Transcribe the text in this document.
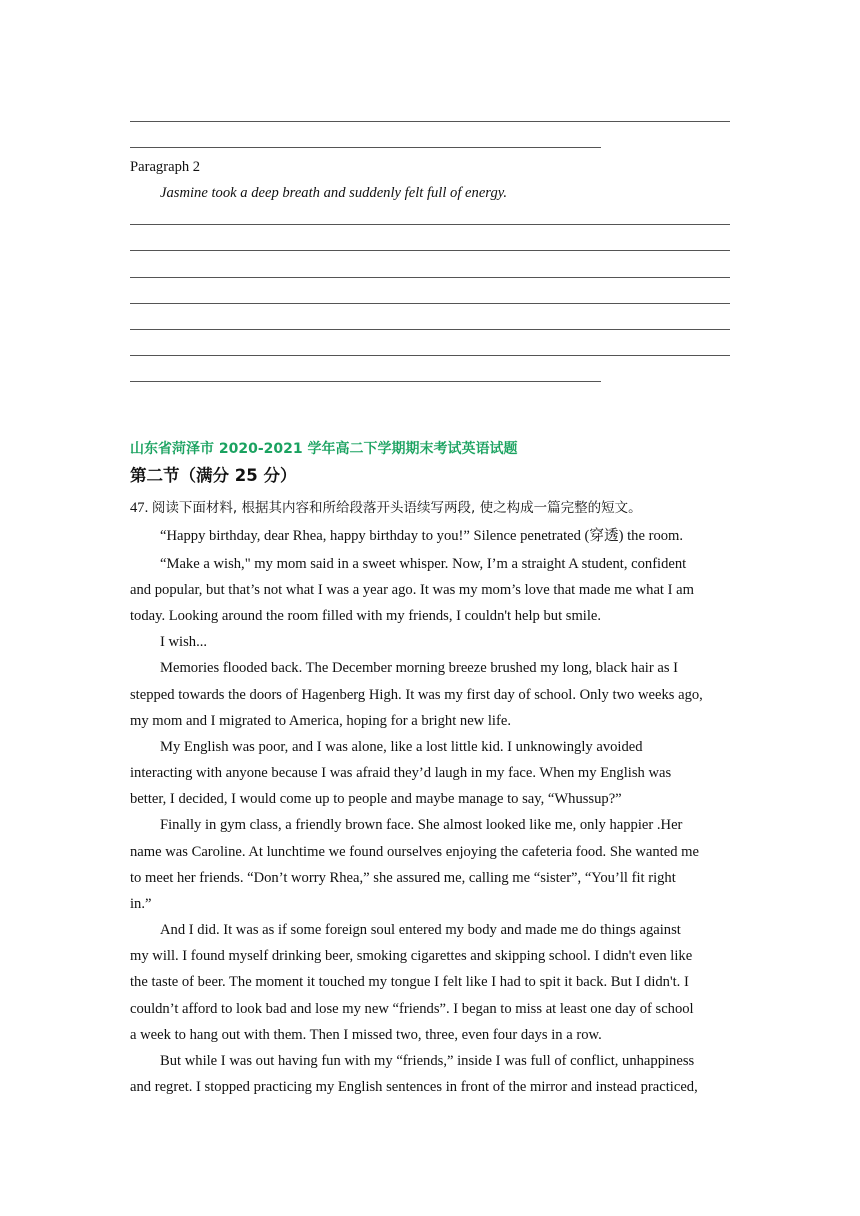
Paragraph 2
Jasmine took a deep breath and suddenly felt full of energy.
山东省菏泽市 2020-2021 学年高二下学期期末考试英语试题
第二节（满分 25 分）
47. 阅读下面材料, 根据其内容和所给段落开头语续写两段, 使之构成一篇完整的短文。
“Happy birthday, dear Rhea, happy birthday to you!” Silence penetrated (穿透) the room.
“Make a wish," my mom said in a sweet whisper. Now, I’m a straight A student, confident
and popular, but that’s not what I was a year ago. It was my mom’s love that made me what I am
today. Looking around the room filled with my friends, I couldn't help but smile.
I wish...
Memories flooded back. The December morning breeze brushed my long, black hair as I
stepped towards the doors of Hagenberg High. It was my first day of school. Only two weeks ago,
my mom and I migrated to America, hoping for a bright new life.
My English was poor, and I was alone, like a lost little kid. I unknowingly avoided
interacting with anyone because I was afraid they’d laugh in my face. When my English was
better, I decided, I would come up to people and maybe manage to say, “Whussup?”
Finally in gym class, a friendly brown face. She almost looked like me, only happier .Her
name was Caroline. At lunchtime we found ourselves enjoying the cafeteria food. She wanted me
to meet her friends. “Don’t worry Rhea,” she assured me, calling me “sister”, “You’ll fit right
in.”
And I did. It was as if some foreign soul entered my body and made me do things against
my will. I found myself drinking beer, smoking cigarettes and skipping school. I didn't even like
the taste of beer. The moment it touched my tongue I felt like I had to spit it back. But I didn't. I
couldn’t afford to look bad and lose my new “friends”. I began to miss at least one day of school
a week to hang out with them. Then I missed two, three, even four days in a row.
But while I was out having fun with my “friends,” inside I was full of conflict, unhappiness
and regret. I stopped practicing my English sentences in front of the mirror and instead practiced,
